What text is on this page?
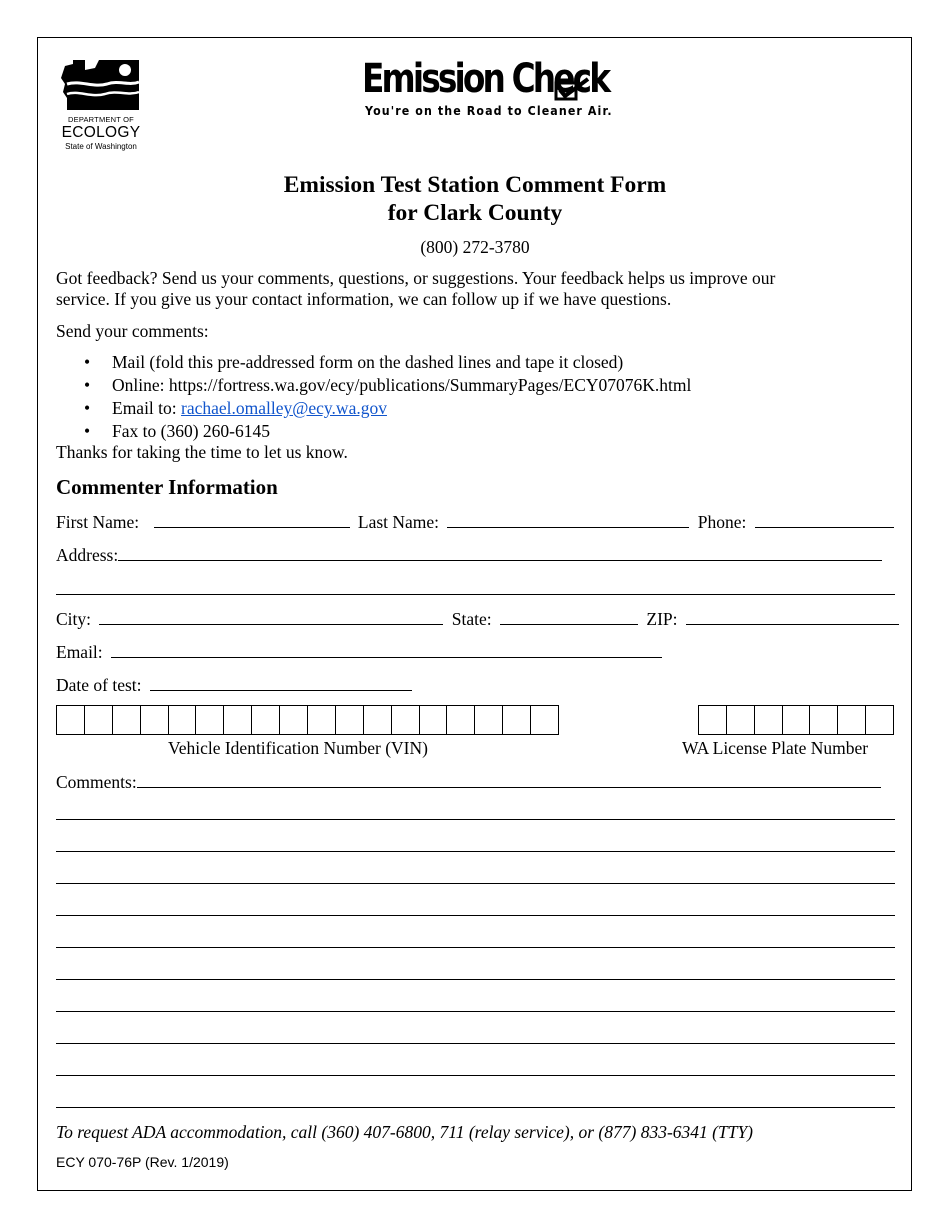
DEPARTMENT OF
ECOLOGY
State of Washington
Emission Check
You're on the Road to Cleaner Air.
Emission Test Station Comment Form
for Clark County
(800) 272-3780
Got feedback? Send us your comments, questions, or suggestions. Your feedback helps us improve our
service. If you give us your contact information, we can follow up if we have questions.
Send your comments:
• Mail (fold this pre-addressed form on the dashed lines and tape it closed)
• Online: https://fortress.wa.gov/ecy/publications/SummaryPages/ECY07076K.html
• Email to: rachael.omalley@ecy.wa.gov
• Fax to (360) 260-6145
Thanks for taking the time to let us know.
Commenter Information
First Name:	Last Name:	Phone:
Address:
City:	State:	ZIP:
Email:
Date of test:
Vehicle Identification Number (VIN)	WA License Plate Number
Comments:
To request ADA accommodation, call (360) 407-6800, 711 (relay service), or (877) 833-6341 (TTY)
ECY 070-76P (Rev. 1/2019)
